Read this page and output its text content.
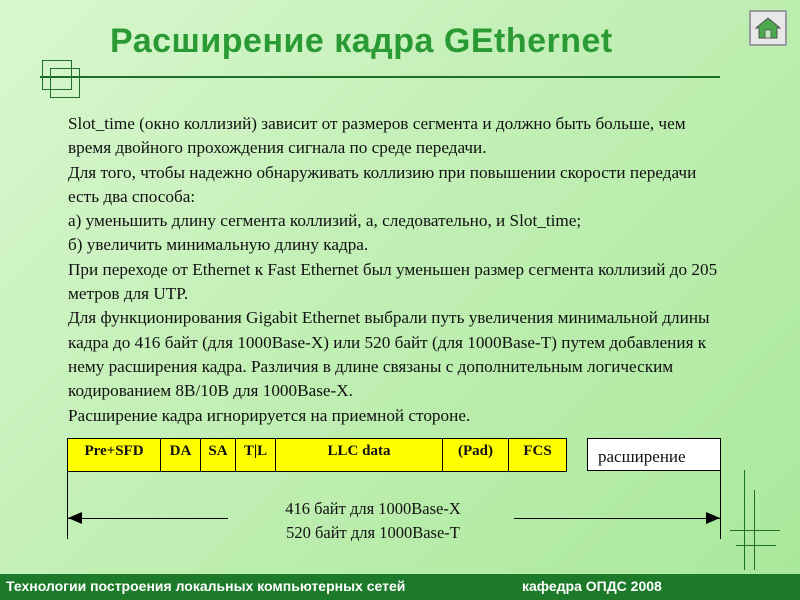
Расширение кадра GEthernet

Slot_time (окно коллизий) зависит от размеров сегмента и должно быть больше, чем время двойного прохождения сигнала по среде передачи.

Для того, чтобы надежно обнаруживать коллизию при повышении скорости передачи есть два способа:

а) уменьшить длину сегмента коллизий, а, следовательно, и Slot_time;

б) увеличить минимальную длину кадра.

При переходе от Ethernet к Fast Ethernet был уменьшен размер сегмента коллизий до 205 метров для UTP.

Для функционирования Gigabit Ethernet выбрали путь увеличения минимальной длины кадра до 416 байт (для 1000Base-X) или 520 байт (для 1000Base-T) путем добавления к нему расширения кадра. Различия в длине связаны с дополнительным логическим кодированием 8В/10В для 1000Base-X.

Расширение кадра игнорируется на приемной стороне.

Pre+SFD	DA	SA	T|L	LLC data	(Pad)	FCS	расширение
416 байт для 1000Base-X
520 байт для 1000Base-T
Технологии построения локальных компьютерных сетей	кафедра ОПДС 2008
